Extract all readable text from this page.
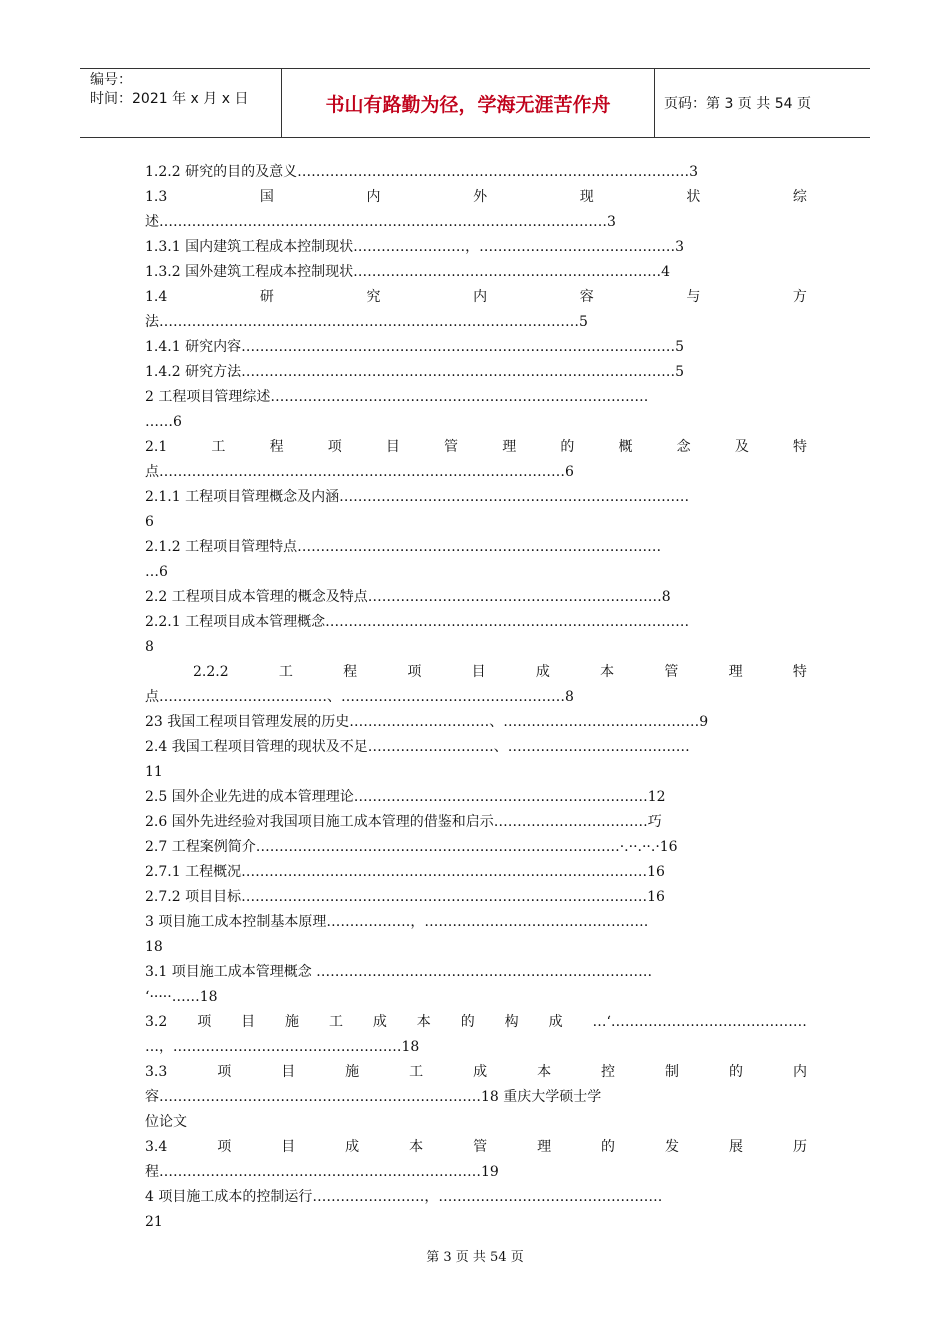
编号：
时间：2021 年 x 月 x 日	书山有路勤为径，学海无涯苦作舟	页码：第 3 页 共 54 页
1.2.2 研究的目的及意义…………………………………………………………………………3
1.3	国	内	外	现	状	综
述……………………………………………………………………………………3
1.3.1 国内建筑工程成本控制现状……………………，……………………………………3
1.3.2 国外建筑工程成本控制现状…………………………………………………………4
1.4	研	究	内	容	与	方
法………………………………………………………………………………5
1.4.1 研究内容…………………………………………………………………………………5
1.4.2 研究方法…………………………………………………………………………………5
2 工程项目管理综述………………………………………………………………………
……6
2.1	工	程	项	目	管	理	的	概	念	及	特
点……………………………………………………………………………6
2.1.1 工程项目管理概念及内涵…………………………………………………………………
6
2.1.2 工程项目管理特点……………………………………………………………………
…6
2.2 工程项目成本管理的概念及特点………………………………………………………8
2.2.1 工程项目成本管理概念……………………………………………………………………
8
2.2.2	工	程	项	目	成	本	管	理	特
点………………………………、…………………………………………8
23 我国工程项目管理发展的历史…………………………、……………………………………9
2.4 我国工程项目管理的现状及不足………………………、…………………………………
11
2.5 国外企业先进的成本管理理论………………………………………………………12
2.6 国外先进经验对我国项目施工成本管理的借鉴和启示……………………………巧
2.7 工程案例简介……………………………………………………………………·.··.··.·16
2.7.1 工程概况……………………………………………………………………………16
2.7.2 项目目标……………………………………………………………………………16
3 项目施工成本控制基本原理………………，…………………………………………
18
3.1 项目施工成本管理概念 ………………………………………………………………
‘·····……18
3.2 项 目 施 工 成 本 的 构 成 …‘……………………………………
…，.…………………………………………18
3.3	项	目	施	工	成	本	控	制	的	内
容……………………………………………………………18 重庆大学硕士学
位论文
3.4	项	目	成	本	管	理	的	发	展	历
程……………………………………………………………19
4 项目施工成本的控制运行……………………，…………………………………………
21
第 3 页 共 54 页
